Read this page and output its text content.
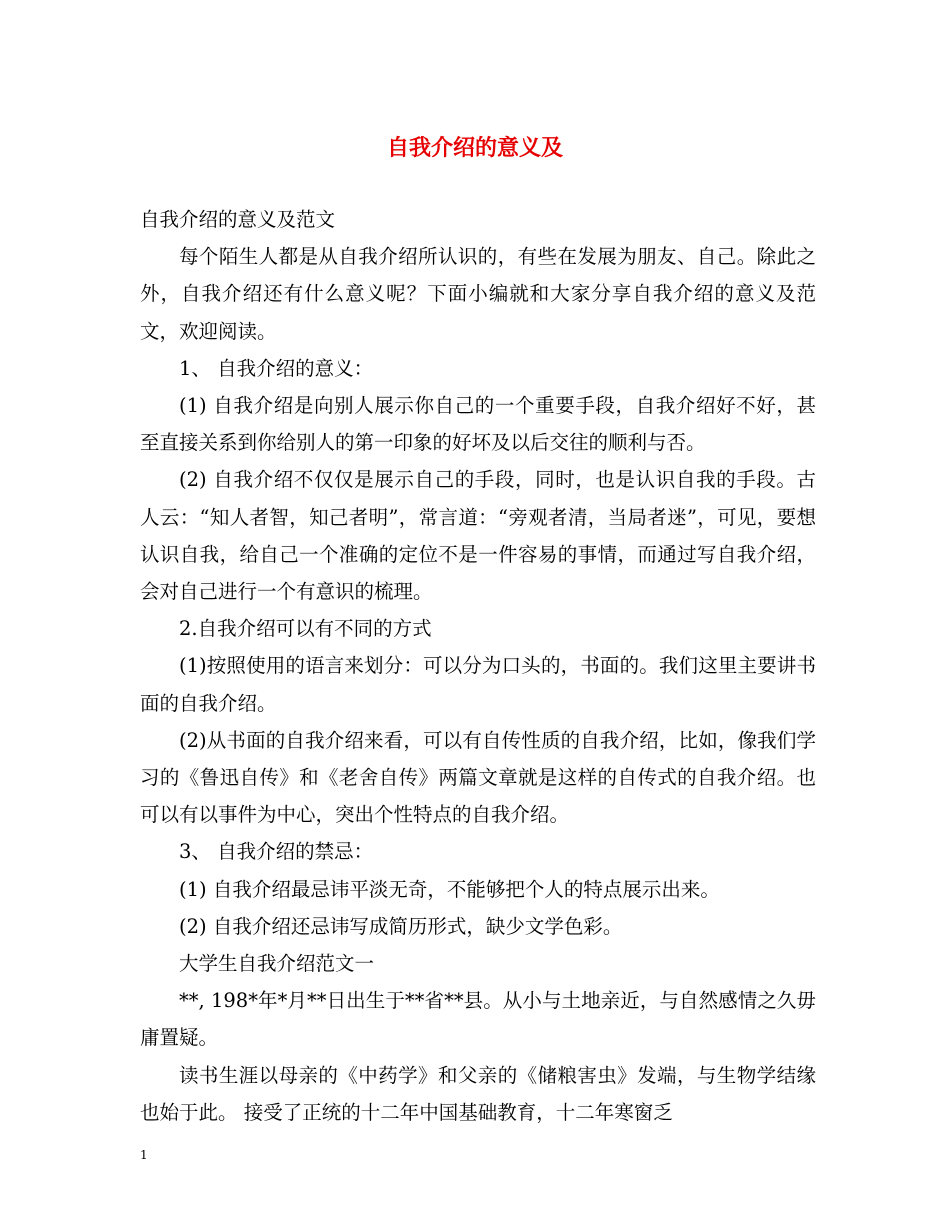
自我介绍的意义及

自我介绍的意义及范文

每个陌生人都是从自我介绍所认识的，有些在发展为朋友、自己。除此之外，自我介绍还有什么意义呢？下面小编就和大家分享自我介绍的意义及范文，欢迎阅读。

1、 自我介绍的意义：

(1) 自我介绍是向别人展示你自己的一个重要手段，自我介绍好不好，甚至直接关系到你给别人的第一印象的好坏及以后交往的顺利与否。

(2) 自我介绍不仅仅是展示自己的手段，同时，也是认识自我的手段。古人云：“知人者智，知己者明”，常言道：“旁观者清，当局者迷”，可见，要想认识自我，给自己一个准确的定位不是一件容易的事情，而通过写自我介绍，会对自己进行一个有意识的梳理。

2.自我介绍可以有不同的方式

(1)按照使用的语言来划分：可以分为口头的，书面的。我们这里主要讲书面的自我介绍。

(2)从书面的自我介绍来看，可以有自传性质的自我介绍，比如，像我们学习的《鲁迅自传》和《老舍自传》两篇文章就是这样的自传式的自我介绍。也可以有以事件为中心，突出个性特点的自我介绍。

3、 自我介绍的禁忌：

(1) 自我介绍最忌讳平淡无奇，不能够把个人的特点展示出来。

(2) 自我介绍还忌讳写成简历形式，缺少文学色彩。

大学生自我介绍范文一

**, 198*年*月**日出生于**省**县。从小与土地亲近，与自然感情之久毋庸置疑。

读书生涯以母亲的《中药学》和父亲的《储粮害虫》发端，与生物学结缘也始于此。 接受了正统的十二年中国基础教育，十二年寒窗乏

1
